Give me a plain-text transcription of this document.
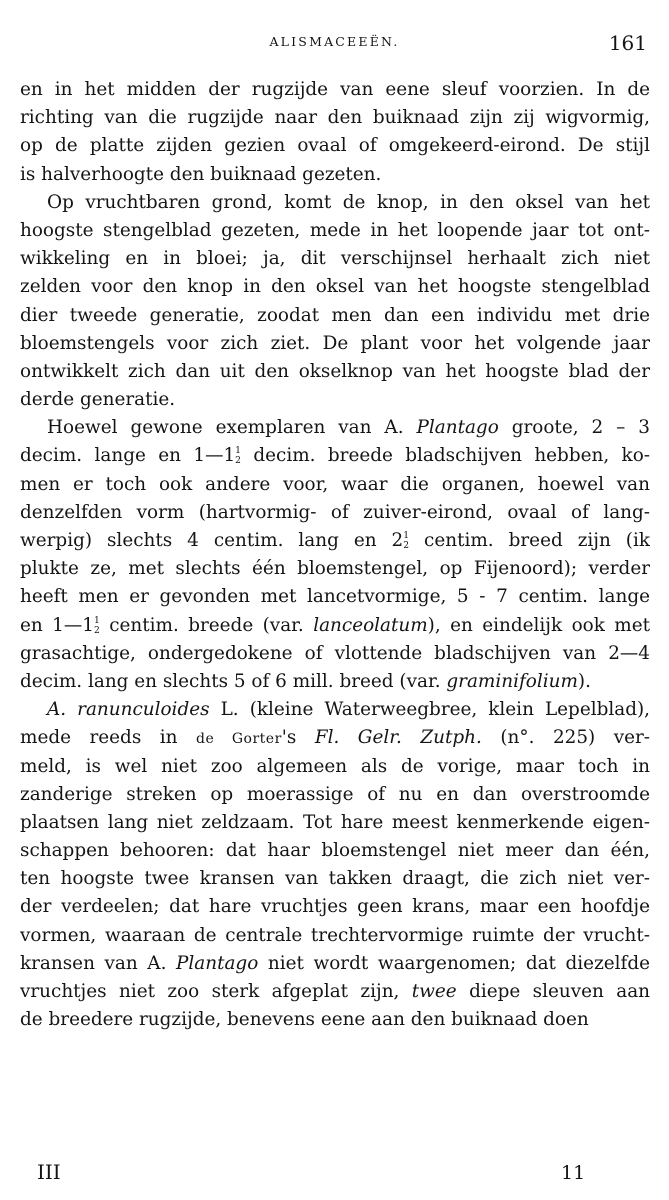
ALISMACEEËN.	161
en in het midden der rugzijde van eene sleuf voorzien. In de
richting van die rugzijde naar den buiknaad zijn zij wigvormig,
op de platte zijden gezien ovaal of omgekeerd-eirond. De stijl
is halverhoogte den buiknaad gezeten.
Op vruchtbaren grond, komt de knop, in den oksel van het
hoogste stengelblad gezeten, mede in het loopende jaar tot ont-
wikkeling en in bloei; ja, dit verschijnsel herhaalt zich niet
zelden voor den knop in den oksel van het hoogste stengelblad
dier tweede generatie, zoodat men dan een individu met drie
bloemstengels voor zich ziet. De plant voor het volgende jaar
ontwikkelt zich dan uit den okselknop van het hoogste blad der
derde generatie.
Hoewel gewone exemplaren van A. Plantago groote, 2 – 3
decim. lange en 1—1 1
2 decim. breede bladschijven hebben, ko-
men er toch ook andere voor, waar die organen, hoewel van
denzelfden vorm (hartvormig- of zuiver-eirond, ovaal of lang-
werpig) slechts 4 centim. lang en 2 1
2 centim. breed zijn (ik
plukte ze, met slechts één bloemstengel, op Fijenoord); verder
heeft men er gevonden met lancetvormige, 5 - 7 centim. lange
en 1—1 1
2 centim. breede (var. lanceolatum), en eindelijk ook met
grasachtige, ondergedokene of vlottende bladschijven van 2—4
decim. lang en slechts 5 of 6 mill. breed (var. graminifolium).
A. ranunculoides L. (kleine Waterweegbree, klein Lepelblad),
mede reeds in de Gorter's Fl. Gelr. Zutph. (n°. 225) ver-
meld, is wel niet zoo algemeen als de vorige, maar toch in
zanderige streken op moerassige of nu en dan overstroomde
plaatsen lang niet zeldzaam. Tot hare meest kenmerkende eigen-
schappen behooren: dat haar bloemstengel niet meer dan één,
ten hoogste twee kransen van takken draagt, die zich niet ver-
der verdeelen; dat hare vruchtjes geen krans, maar een hoofdje
vormen, waaraan de centrale trechtervormige ruimte der vrucht-
kransen van A. Plantago niet wordt waargenomen; dat diezelfde
vruchtjes niet zoo sterk afgeplat zijn, twee diepe sleuven aan
de breedere rugzijde, benevens eene aan den buiknaad doen
III	11
